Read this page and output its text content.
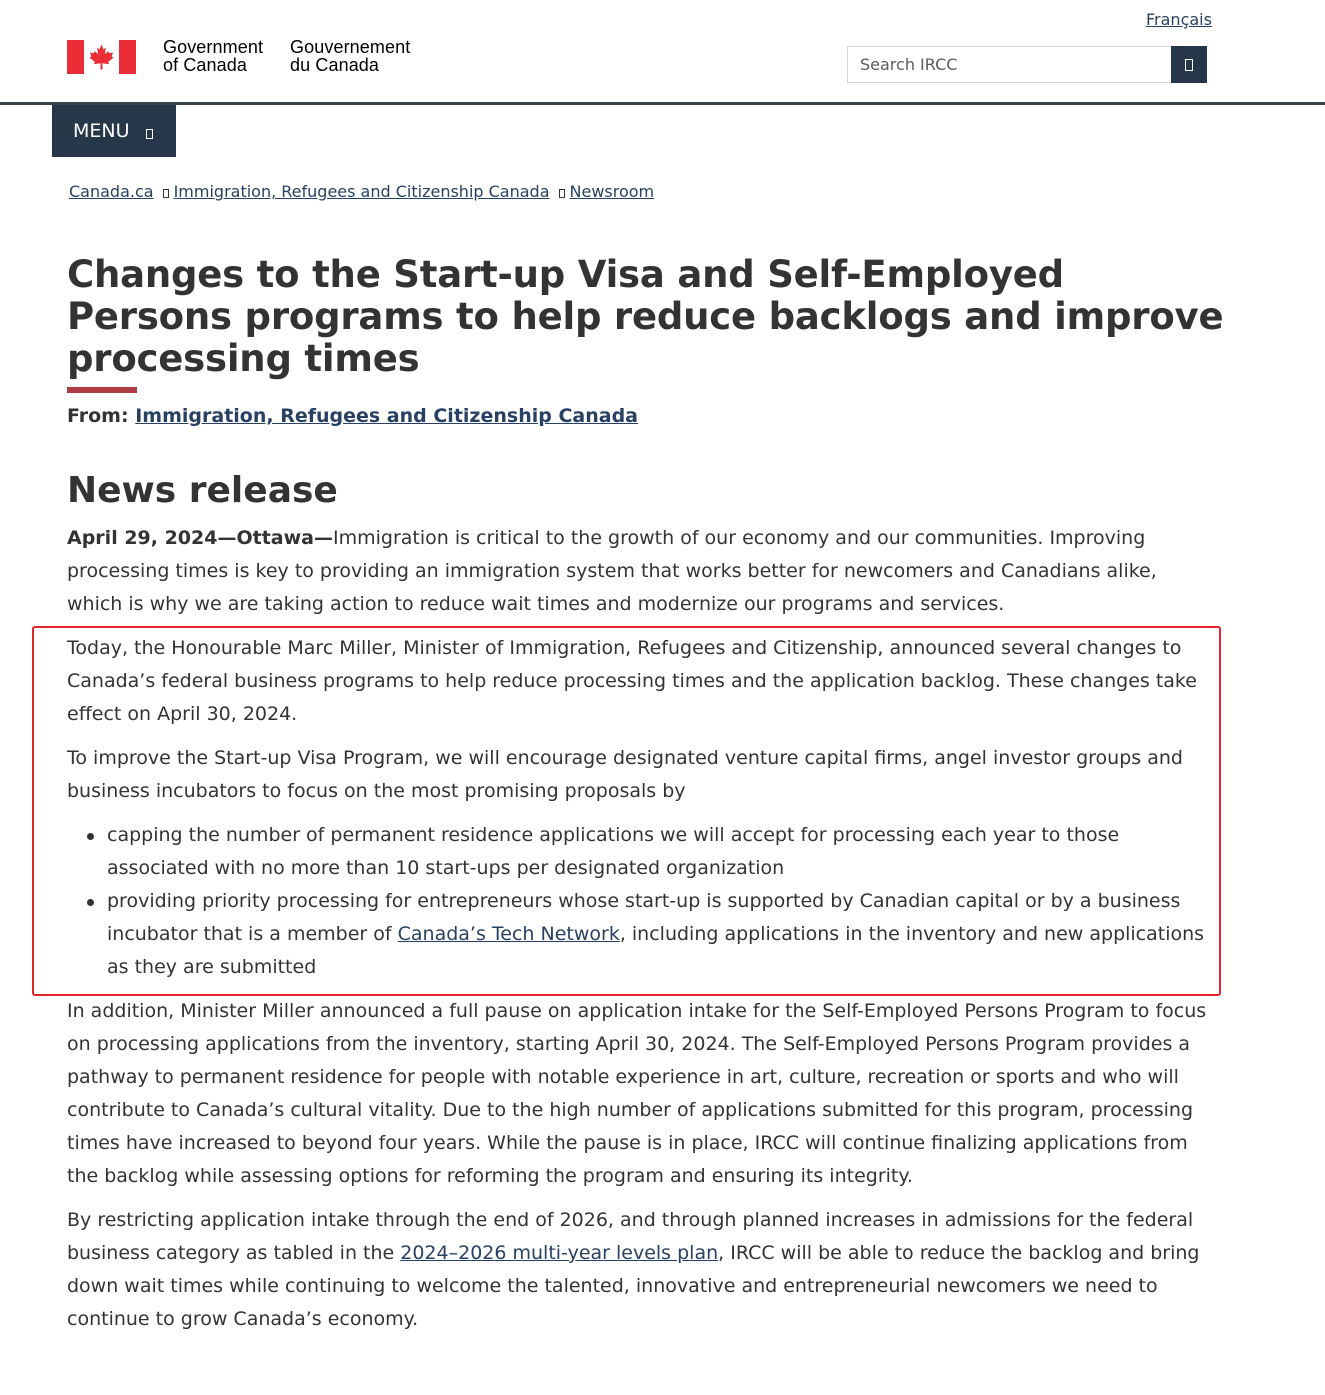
Français
Government
of Canada
Gouvernement
du Canada
Search IRCC
MENU
Canada.ca Immigration, Refugees and Citizenship Canada Newsroom
Changes to the Start-up Visa and Self-Employed Persons programs to help reduce backlogs and improve processing times
From: Immigration, Refugees and Citizenship Canada
News release

April 29, 2024—Ottawa—Immigration is critical to the growth of our economy and our communities. Improving processing times is key to providing an immigration system that works better for newcomers and Canadians alike, which is why we are taking action to reduce wait times and modernize our programs and services.

Today, the Honourable Marc Miller, Minister of Immigration, Refugees and Citizenship, announced several changes to Canada’s federal business programs to help reduce processing times and the application backlog. These changes take effect on April 30, 2024.

To improve the Start-up Visa Program, we will encourage designated venture capital firms, angel investor groups and business incubators to focus on the most promising proposals by

capping the number of permanent residence applications we will accept for processing each year to those associated with no more than 10 start-ups per designated organization
providing priority processing for entrepreneurs whose start-up is supported by Canadian capital or by a business incubator that is a member of Canada’s Tech Network, including applications in the inventory and new applications as they are submitted

In addition, Minister Miller announced a full pause on application intake for the Self-Employed Persons Program to focus on processing applications from the inventory, starting April 30, 2024. The Self-Employed Persons Program provides a pathway to permanent residence for people with notable experience in art, culture, recreation or sports and who will contribute to Canada’s cultural vitality. Due to the high number of applications submitted for this program, processing times have increased to beyond four years. While the pause is in place, IRCC will continue finalizing applications from the backlog while assessing options for reforming the program and ensuring its integrity.

By restricting application intake through the end of 2026, and through planned increases in admissions for the federal business category as tabled in the 2024–2026 multi-year levels plan, IRCC will be able to reduce the backlog and bring down wait times while continuing to welcome the talented, innovative and entrepreneurial newcomers we need to continue to grow Canada’s economy.
